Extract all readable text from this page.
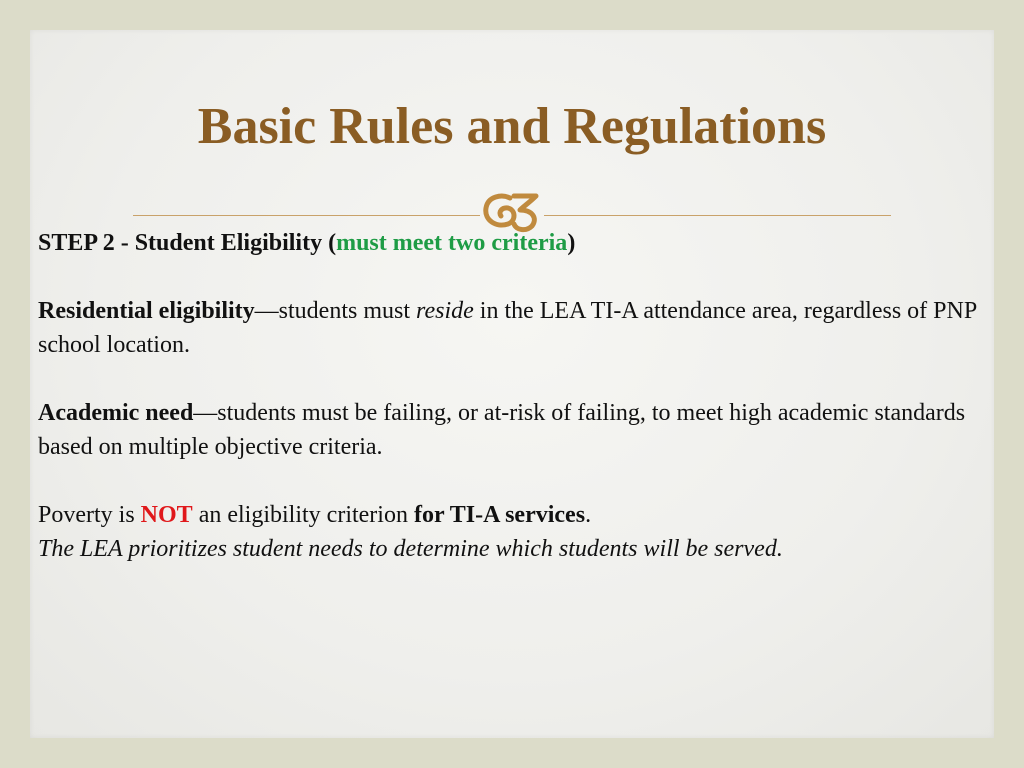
Basic Rules and Regulations

STEP 2 - Student Eligibility (must meet two criteria)

Residential eligibility—students must reside in the LEA TI-A attendance area, regardless of PNP school location.

Academic need—students must be failing, or at-risk of failing, to meet high academic standards based on multiple objective criteria.

Poverty is NOT an eligibility criterion for TI-A services.

The LEA prioritizes student needs to determine which students will be served.
